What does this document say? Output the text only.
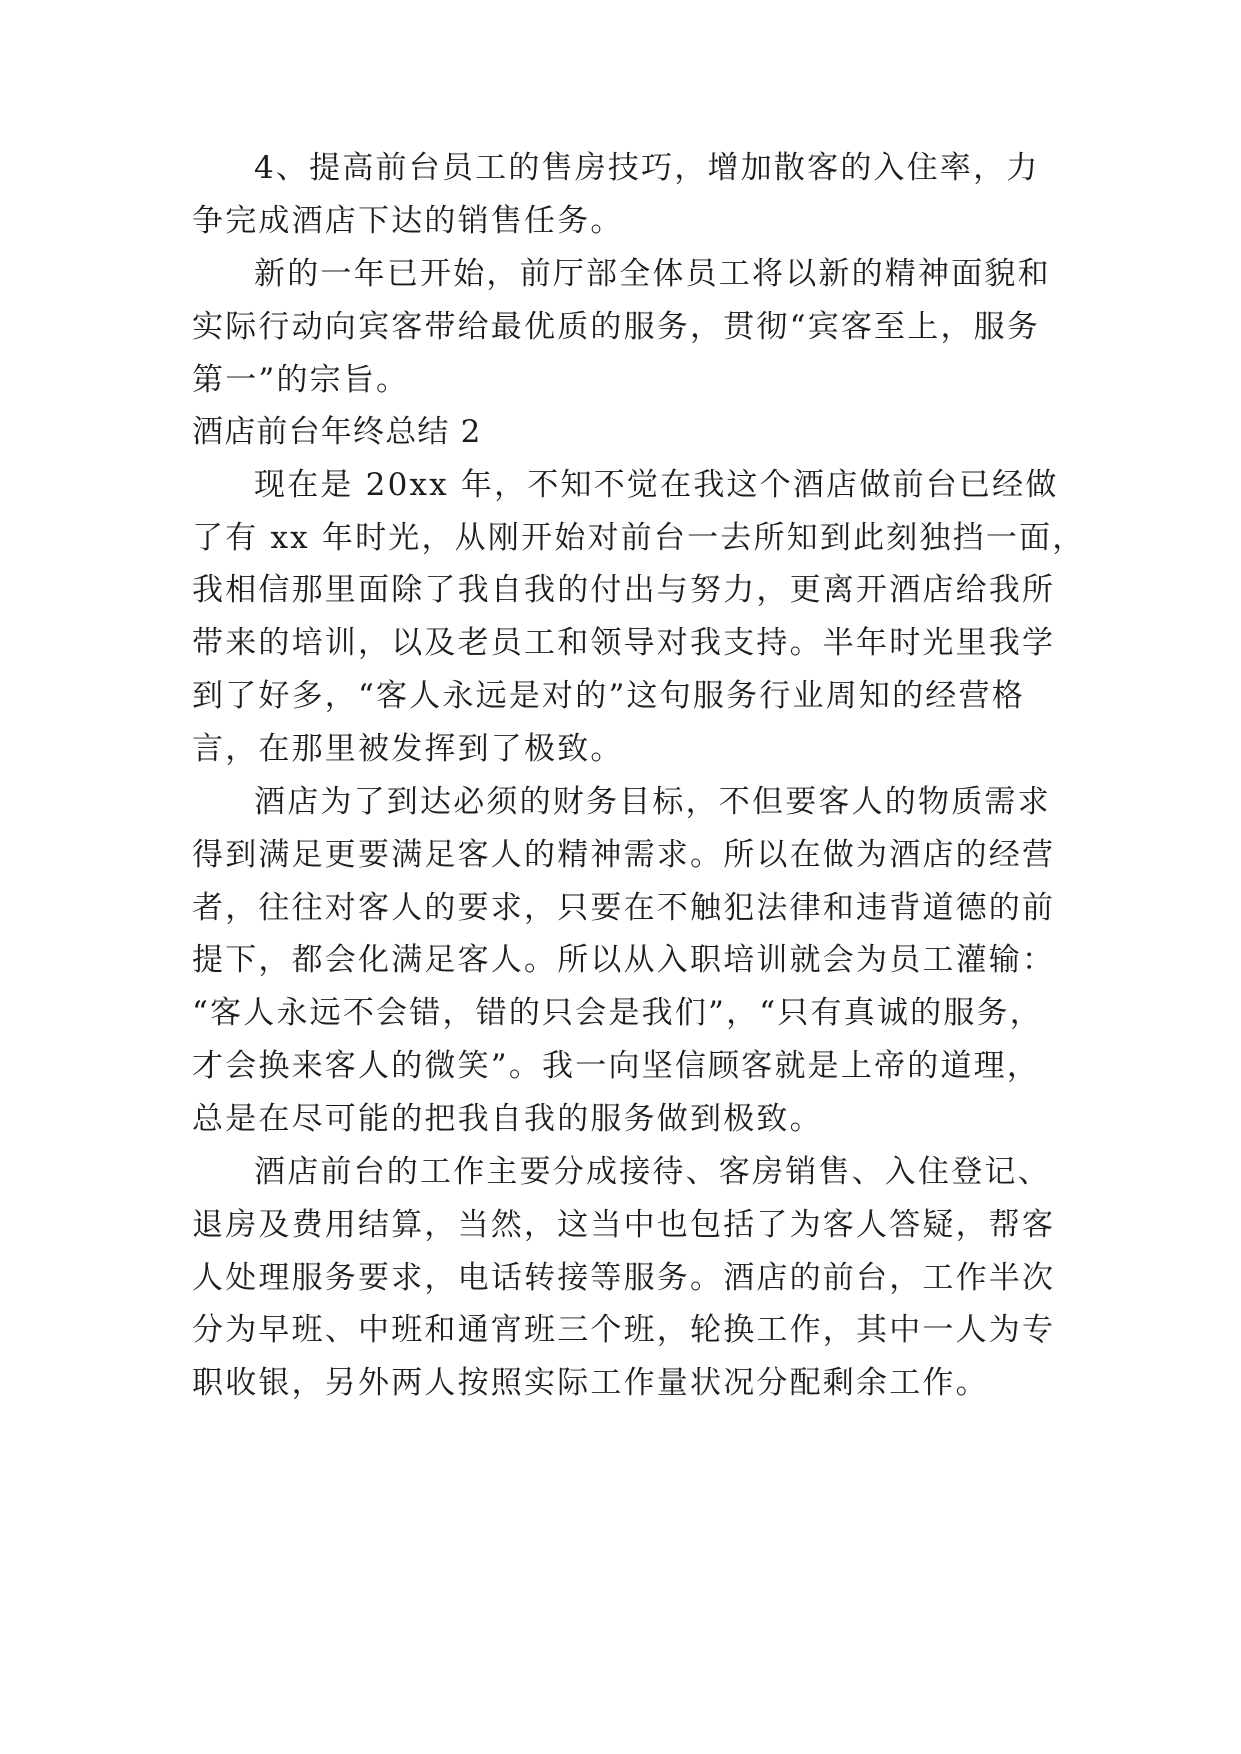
4、提高前台员工的售房技巧，增加散客的入住率，力

争完成酒店下达的销售任务。

新的一年已开始，前厅部全体员工将以新的精神面貌和

实际行动向宾客带给最优质的服务，贯彻“宾客至上，服务

第一”的宗旨。

酒店前台年终总结 2

现在是 20xx 年，不知不觉在我这个酒店做前台已经做

了有 xx 年时光，从刚开始对前台一去所知到此刻独挡一面，

我相信那里面除了我自我的付出与努力，更离开酒店给我所

带来的培训，以及老员工和领导对我支持。半年时光里我学

到了好多，“客人永远是对的”这句服务行业周知的经营格

言，在那里被发挥到了极致。

酒店为了到达必须的财务目标，不但要客人的物质需求

得到满足更要满足客人的精神需求。所以在做为酒店的经营

者，往往对客人的要求，只要在不触犯法律和违背道德的前

提下，都会化满足客人。所以从入职培训就会为员工灌输：

“客人永远不会错，错的只会是我们”，“只有真诚的服务，

才会换来客人的微笑”。我一向坚信顾客就是上帝的道理，

总是在尽可能的把我自我的服务做到极致。

酒店前台的工作主要分成接待、客房销售、入住登记、

退房及费用结算，当然，这当中也包括了为客人答疑，帮客

人处理服务要求，电话转接等服务。酒店的前台，工作半次

分为早班、中班和通宵班三个班，轮换工作，其中一人为专

职收银，另外两人按照实际工作量状况分配剩余工作。
